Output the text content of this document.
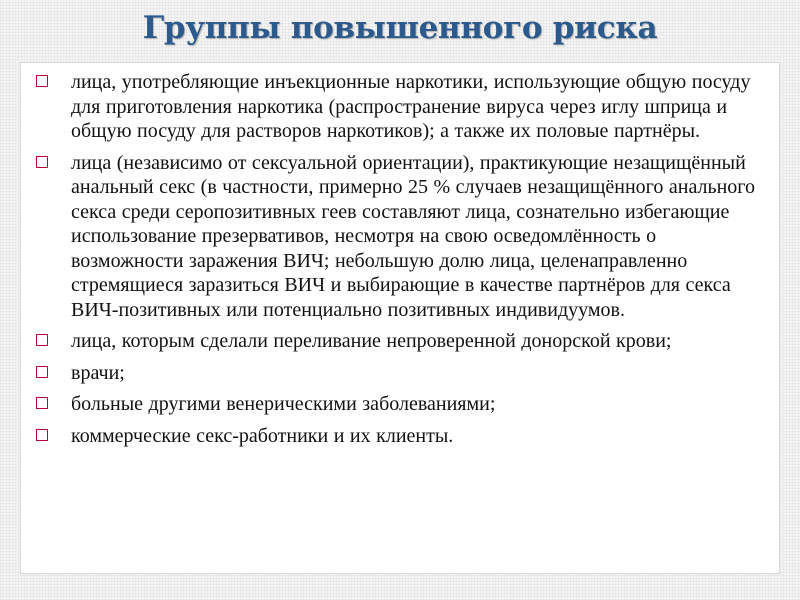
Группы повышенного риска
лица, употребляющие инъекционные наркотики, использующие общую посуду для приготовления наркотика (распространение вируса через иглу шприца и общую посуду для растворов наркотиков); а также их половые партнёры.
лица (независимо от сексуальной ориентации), практикующие незащищённый анальный секс (в частности, примерно 25 % случаев незащищённого анального секса среди серопозитивных геев составляют лица, сознательно избегающие использование презервативов, несмотря на свою осведомлённость о возможности заражения ВИЧ; небольшую долю лица, целенаправленно стремящиеся заразиться ВИЧ и выбирающие в качестве партнёров для секса ВИЧ-позитивных или потенциально позитивных индивидуумов.
лица, которым сделали переливание непроверенной донорской крови;
врачи;
больные другими венерическими заболеваниями;
коммерческие секс-работники и их клиенты.
